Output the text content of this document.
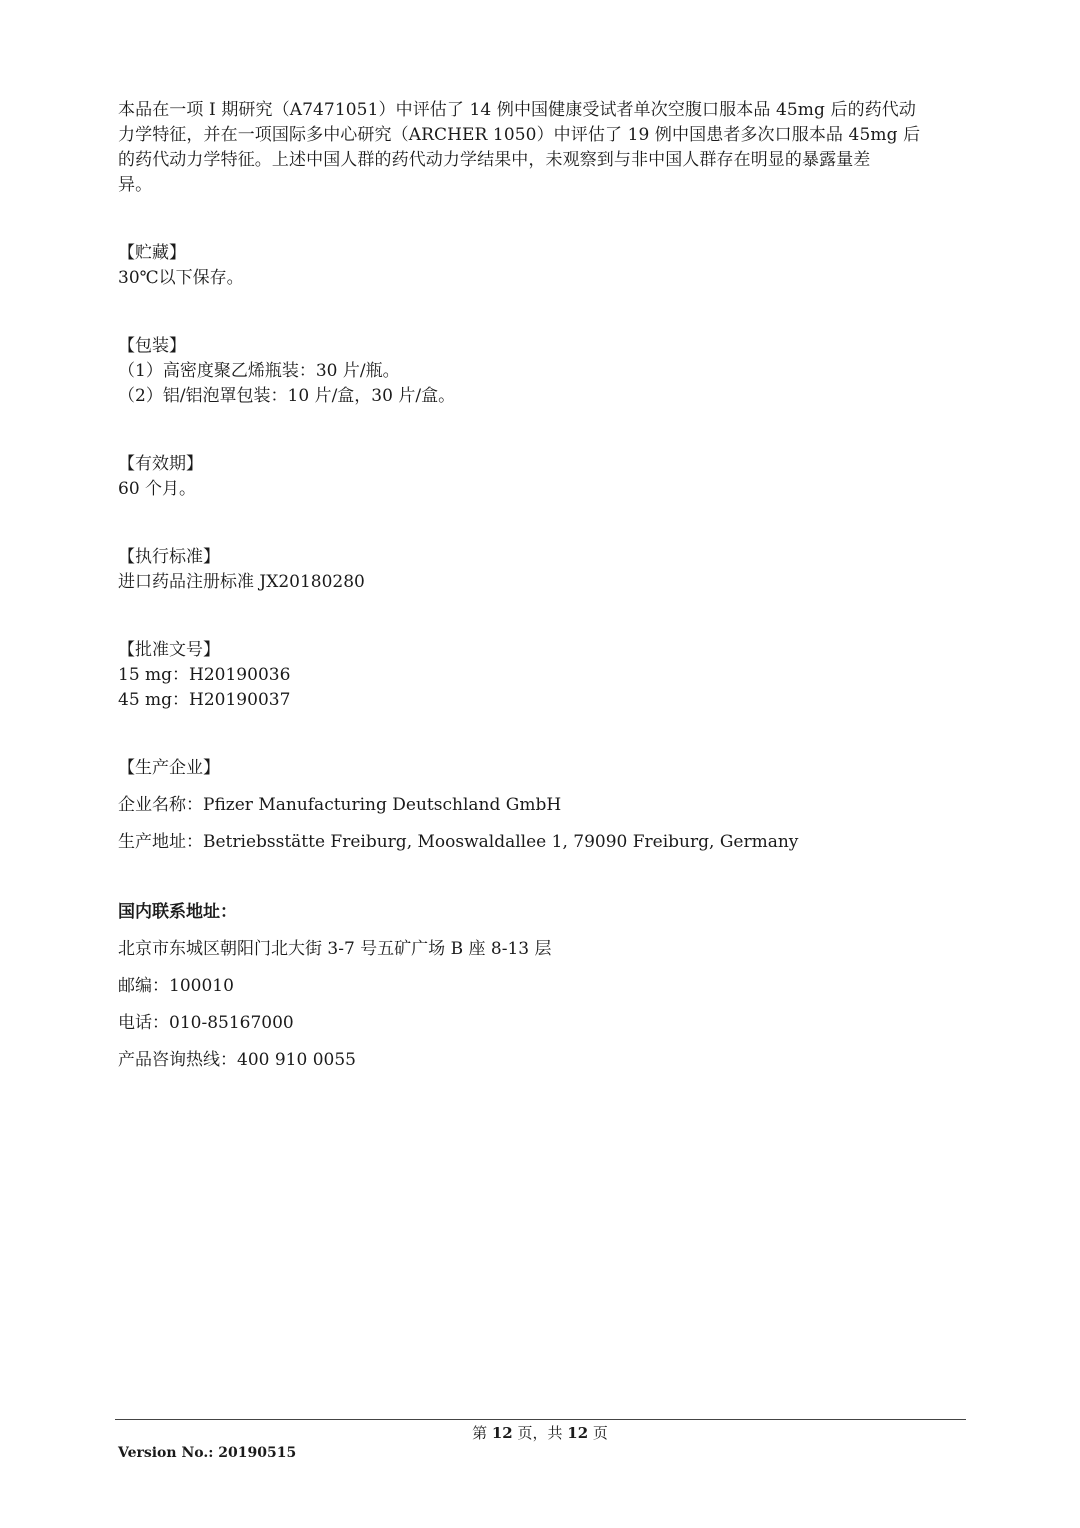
本品在一项 I 期研究（A7471051）中评估了 14 例中国健康受试者单次空腹口服本品 45mg 后的药代动
力学特征，并在一项国际多中心研究（ARCHER 1050）中评估了 19 例中国患者多次口服本品 45mg 后
的药代动力学特征。上述中国人群的药代动力学结果中，未观察到与非中国人群存在明显的暴露量差
异。
【贮藏】
30℃以下保存。
【包装】
（1）高密度聚乙烯瓶装：30 片/瓶。
（2）铝/铝泡罩包装：10 片/盒，30 片/盒。
【有效期】
60 个月。
【执行标准】
进口药品注册标准 JX20180280
【批准文号】
15 mg：H20190036
45 mg：H20190037
【生产企业】
企业名称：Pfizer Manufacturing Deutschland GmbH
生产地址：Betriebsstätte Freiburg, Mooswaldallee 1, 79090 Freiburg, Germany
国内联系地址：
北京市东城区朝阳门北大街 3-7 号五矿广场 B 座 8-13 层
邮编：100010
电话：010-85167000
产品咨询热线：400 910 0055
第 12 页，共 12 页
Version No.: 20190515
